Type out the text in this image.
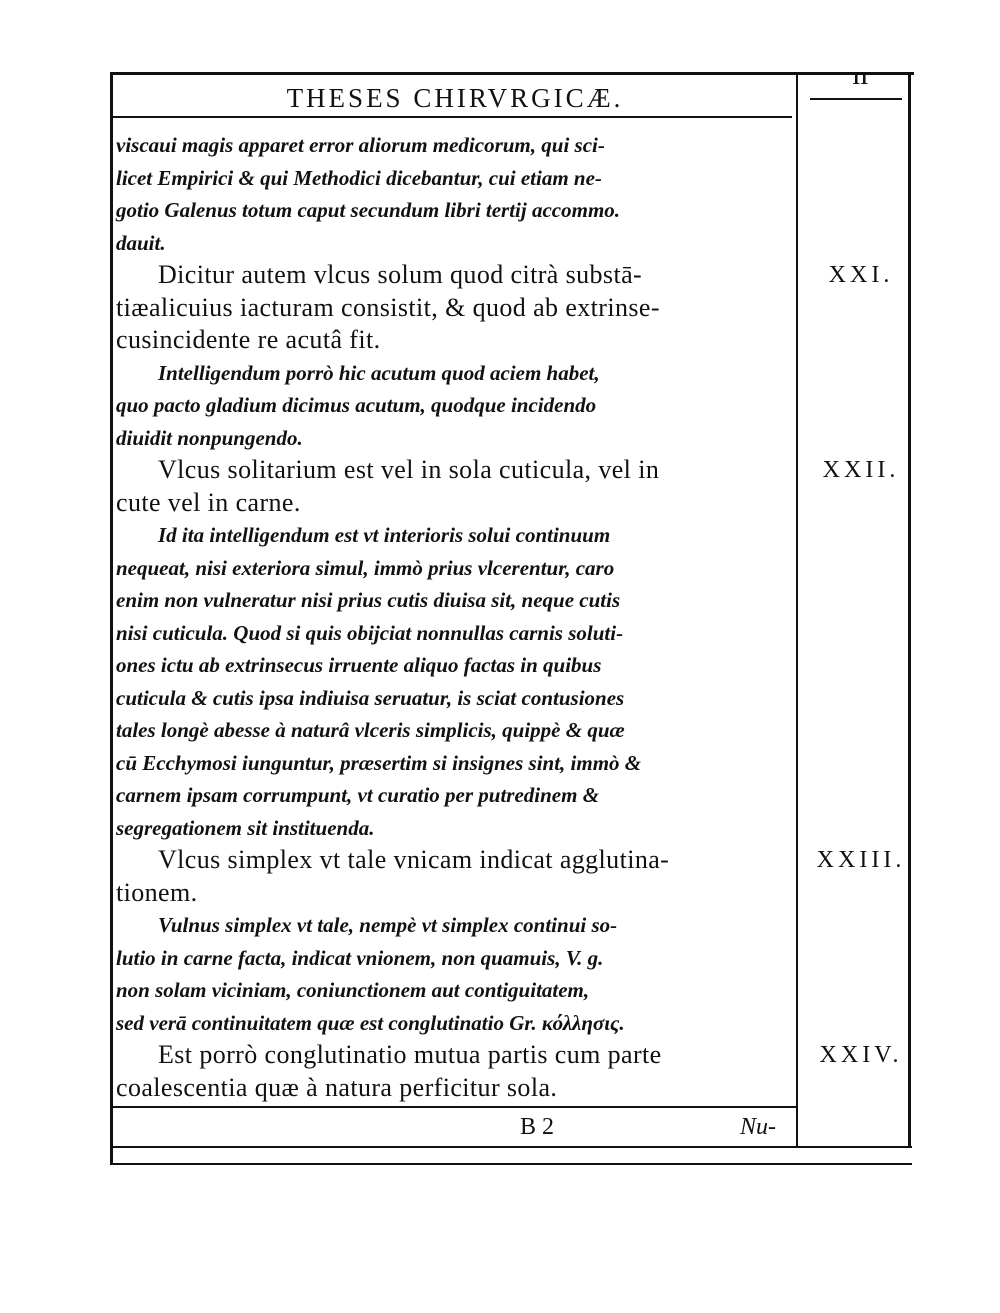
THESES CHIRVRGICÆ.
11
viscaui magis apparet error aliorum medicorum, qui sci-
licet Empirici & qui Methodici dicebantur, cui etiam ne-
gotio Galenus totum caput secundum libri tertij accommo.
dauit.
Dicitur autem vlcus solum quod citrà substā-
tiæalicuius iacturam consistit, & quod ab extrinse-
cusincidente re acutâ fit.
Intelligendum porrò hic acutum quod aciem habet,
quo pacto gladium dicimus acutum, quodque incidendo
diuidit nonpungendo.
Vlcus solitarium est vel in sola cuticula, vel in
cute vel in carne.
Id ita intelligendum est vt interioris solui continuum
nequeat, nisi exteriora simul, immò prius vlcerentur, caro
enim non vulneratur nisi prius cutis diuisa sit, neque cutis
nisi cuticula. Quod si quis obijciat nonnullas carnis soluti-
ones ictu ab extrinsecus irruente aliquo factas in quibus
cuticula & cutis ipsa indiuisa seruatur, is sciat contusiones
tales longè abesse à naturâ vlceris simplicis, quippè & quæ
cū Ecchymosi iunguntur, præsertim si insignes sint, immò &
carnem ipsam corrumpunt, vt curatio per putredinem &
segregationem sit instituenda.
Vlcus simplex vt tale vnicam indicat agglutina-
tionem.
Vulnus simplex vt tale, nempè vt simplex continui so-
lutio in carne facta, indicat vnionem, non quamuis, V. g.
non solam viciniam, coniunctionem aut contiguitatem,
sed verā continuitatem quæ est conglutinatio Gr. κόλλησις.
Est porrò conglutinatio mutua partis cum parte
coalescentia quæ à natura perficitur sola.
XXI.
XXII.
XXIII.
XXIV.
B 2	Nu-
